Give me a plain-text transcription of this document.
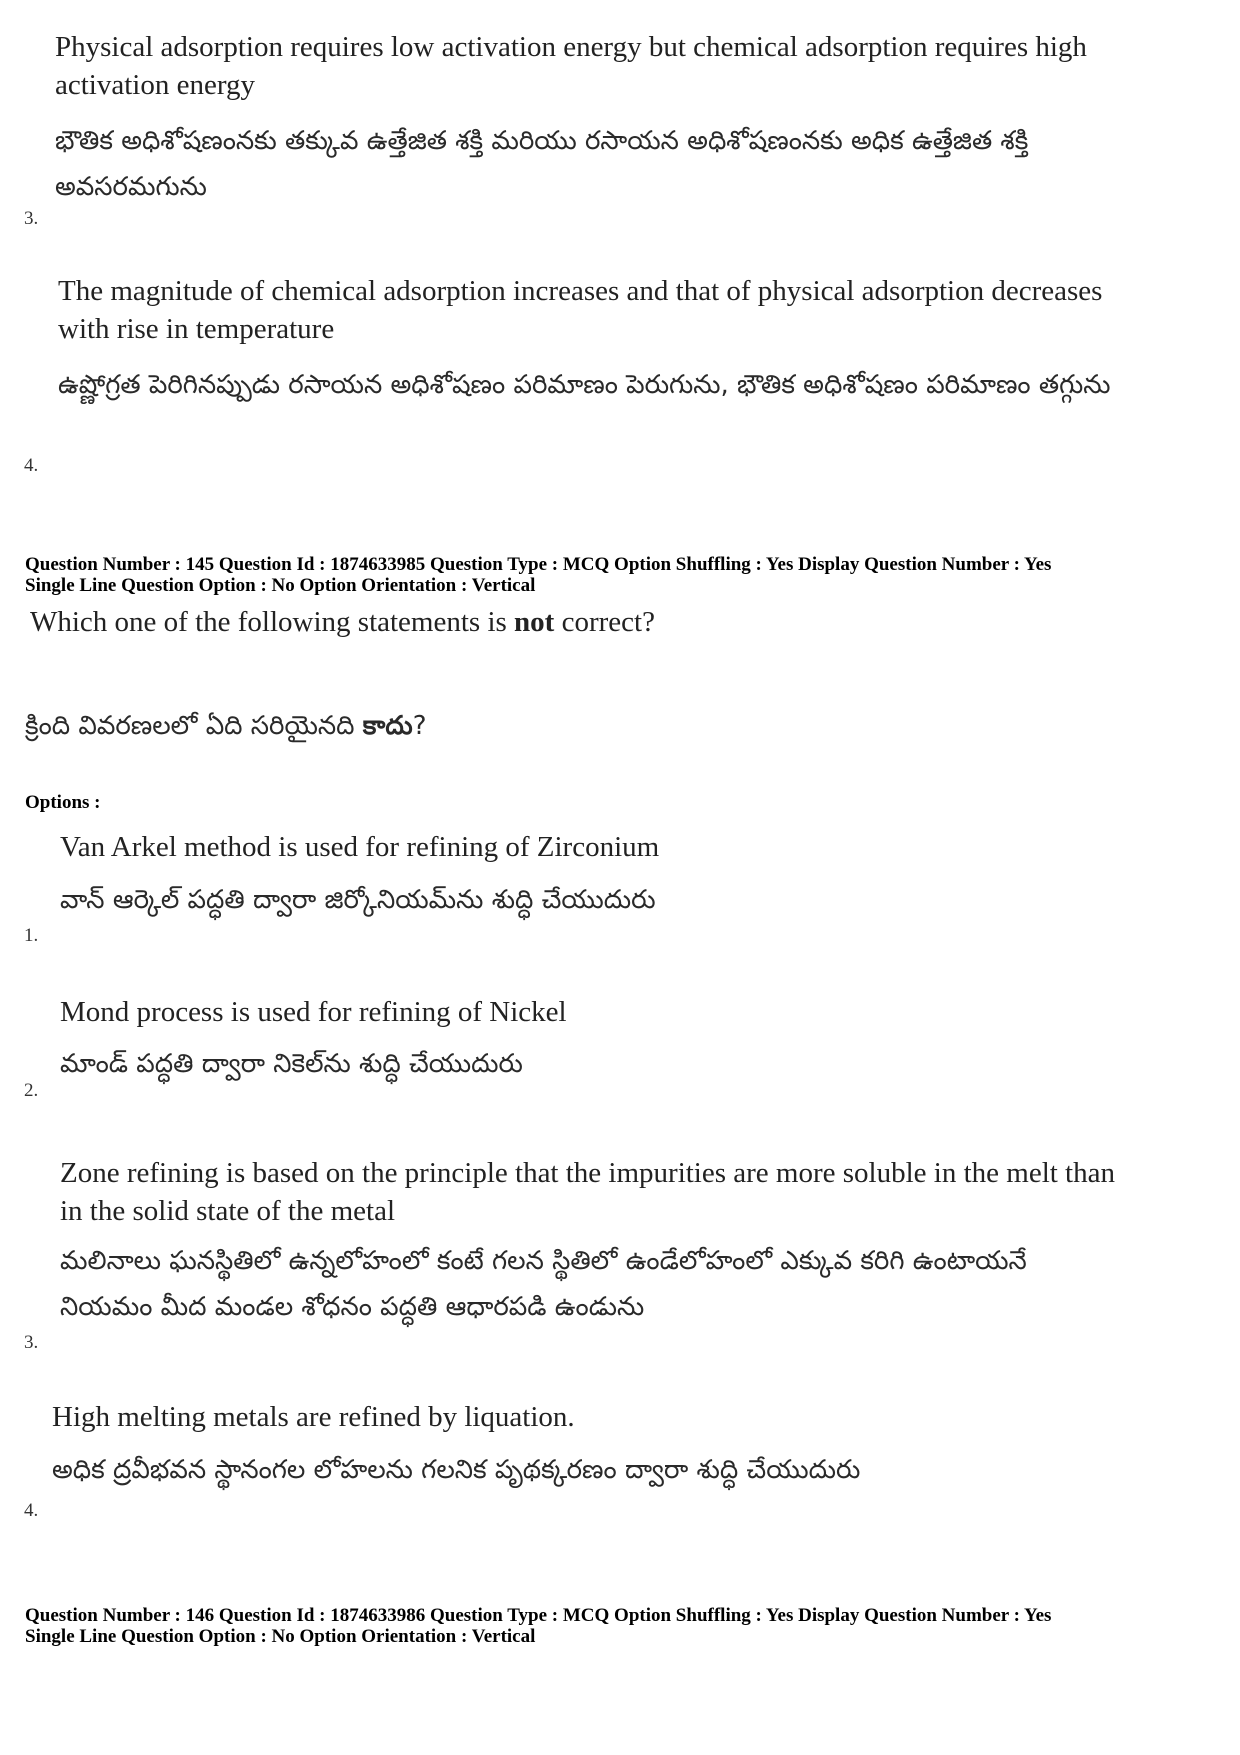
Physical adsorption requires low activation energy but chemical adsorption requires high activation energy
భౌతిక అధిశోషణంనకు తక్కువ ఉత్తేజిత శక్తి మరియు రసాయన అధిశోషణంనకు అధిక ఉత్తేజిత శక్తి అవసరమగును
3.
The magnitude of chemical adsorption increases and that of physical adsorption decreases with rise in temperature
ఉష్ణోగ్రత పెరిగినప్పుడు రసాయన అధిశోషణం పరిమాణం పెరుగును, భౌతిక అధిశోషణం పరిమాణం తగ్గును
4.
Question Number : 145 Question Id : 1874633985 Question Type : MCQ Option Shuffling : Yes Display Question Number : Yes
Single Line Question Option : No Option Orientation : Vertical
Which one of the following statements is not correct?
క్రింది వివరణలలో ఏది సరియైనది కాదు?
Options :
Van Arkel method is used for refining of Zirconium
వాన్ ఆర్కెల్ పద్ధతి ద్వారా జిర్కోనియమ్‌ను శుద్ధి చేయుదురు
1.
Mond process is used for refining of Nickel
మాండ్ పద్ధతి ద్వారా నికెల్‌ను శుద్ధి చేయుదురు
2.
Zone refining is based on the principle that the impurities are more soluble in the melt than in the solid state of the metal
మలినాలు ఘనస్థితిలో ఉన్నలోహంలో కంటే గలన స్థితిలో ఉండేలోహంలో ఎక్కువ కరిగి ఉంటాయనే నియమం మీద మండల శోధనం పద్ధతి ఆధారపడి ఉండును
3.
High melting metals are refined by liquation.
అధిక ద్రవీభవన స్థానంగల లోహలను గలనిక పృథక్కరణం ద్వారా శుద్ధి చేయుదురు
4.
Question Number : 146 Question Id : 1874633986 Question Type : MCQ Option Shuffling : Yes Display Question Number : Yes
Single Line Question Option : No Option Orientation : Vertical
